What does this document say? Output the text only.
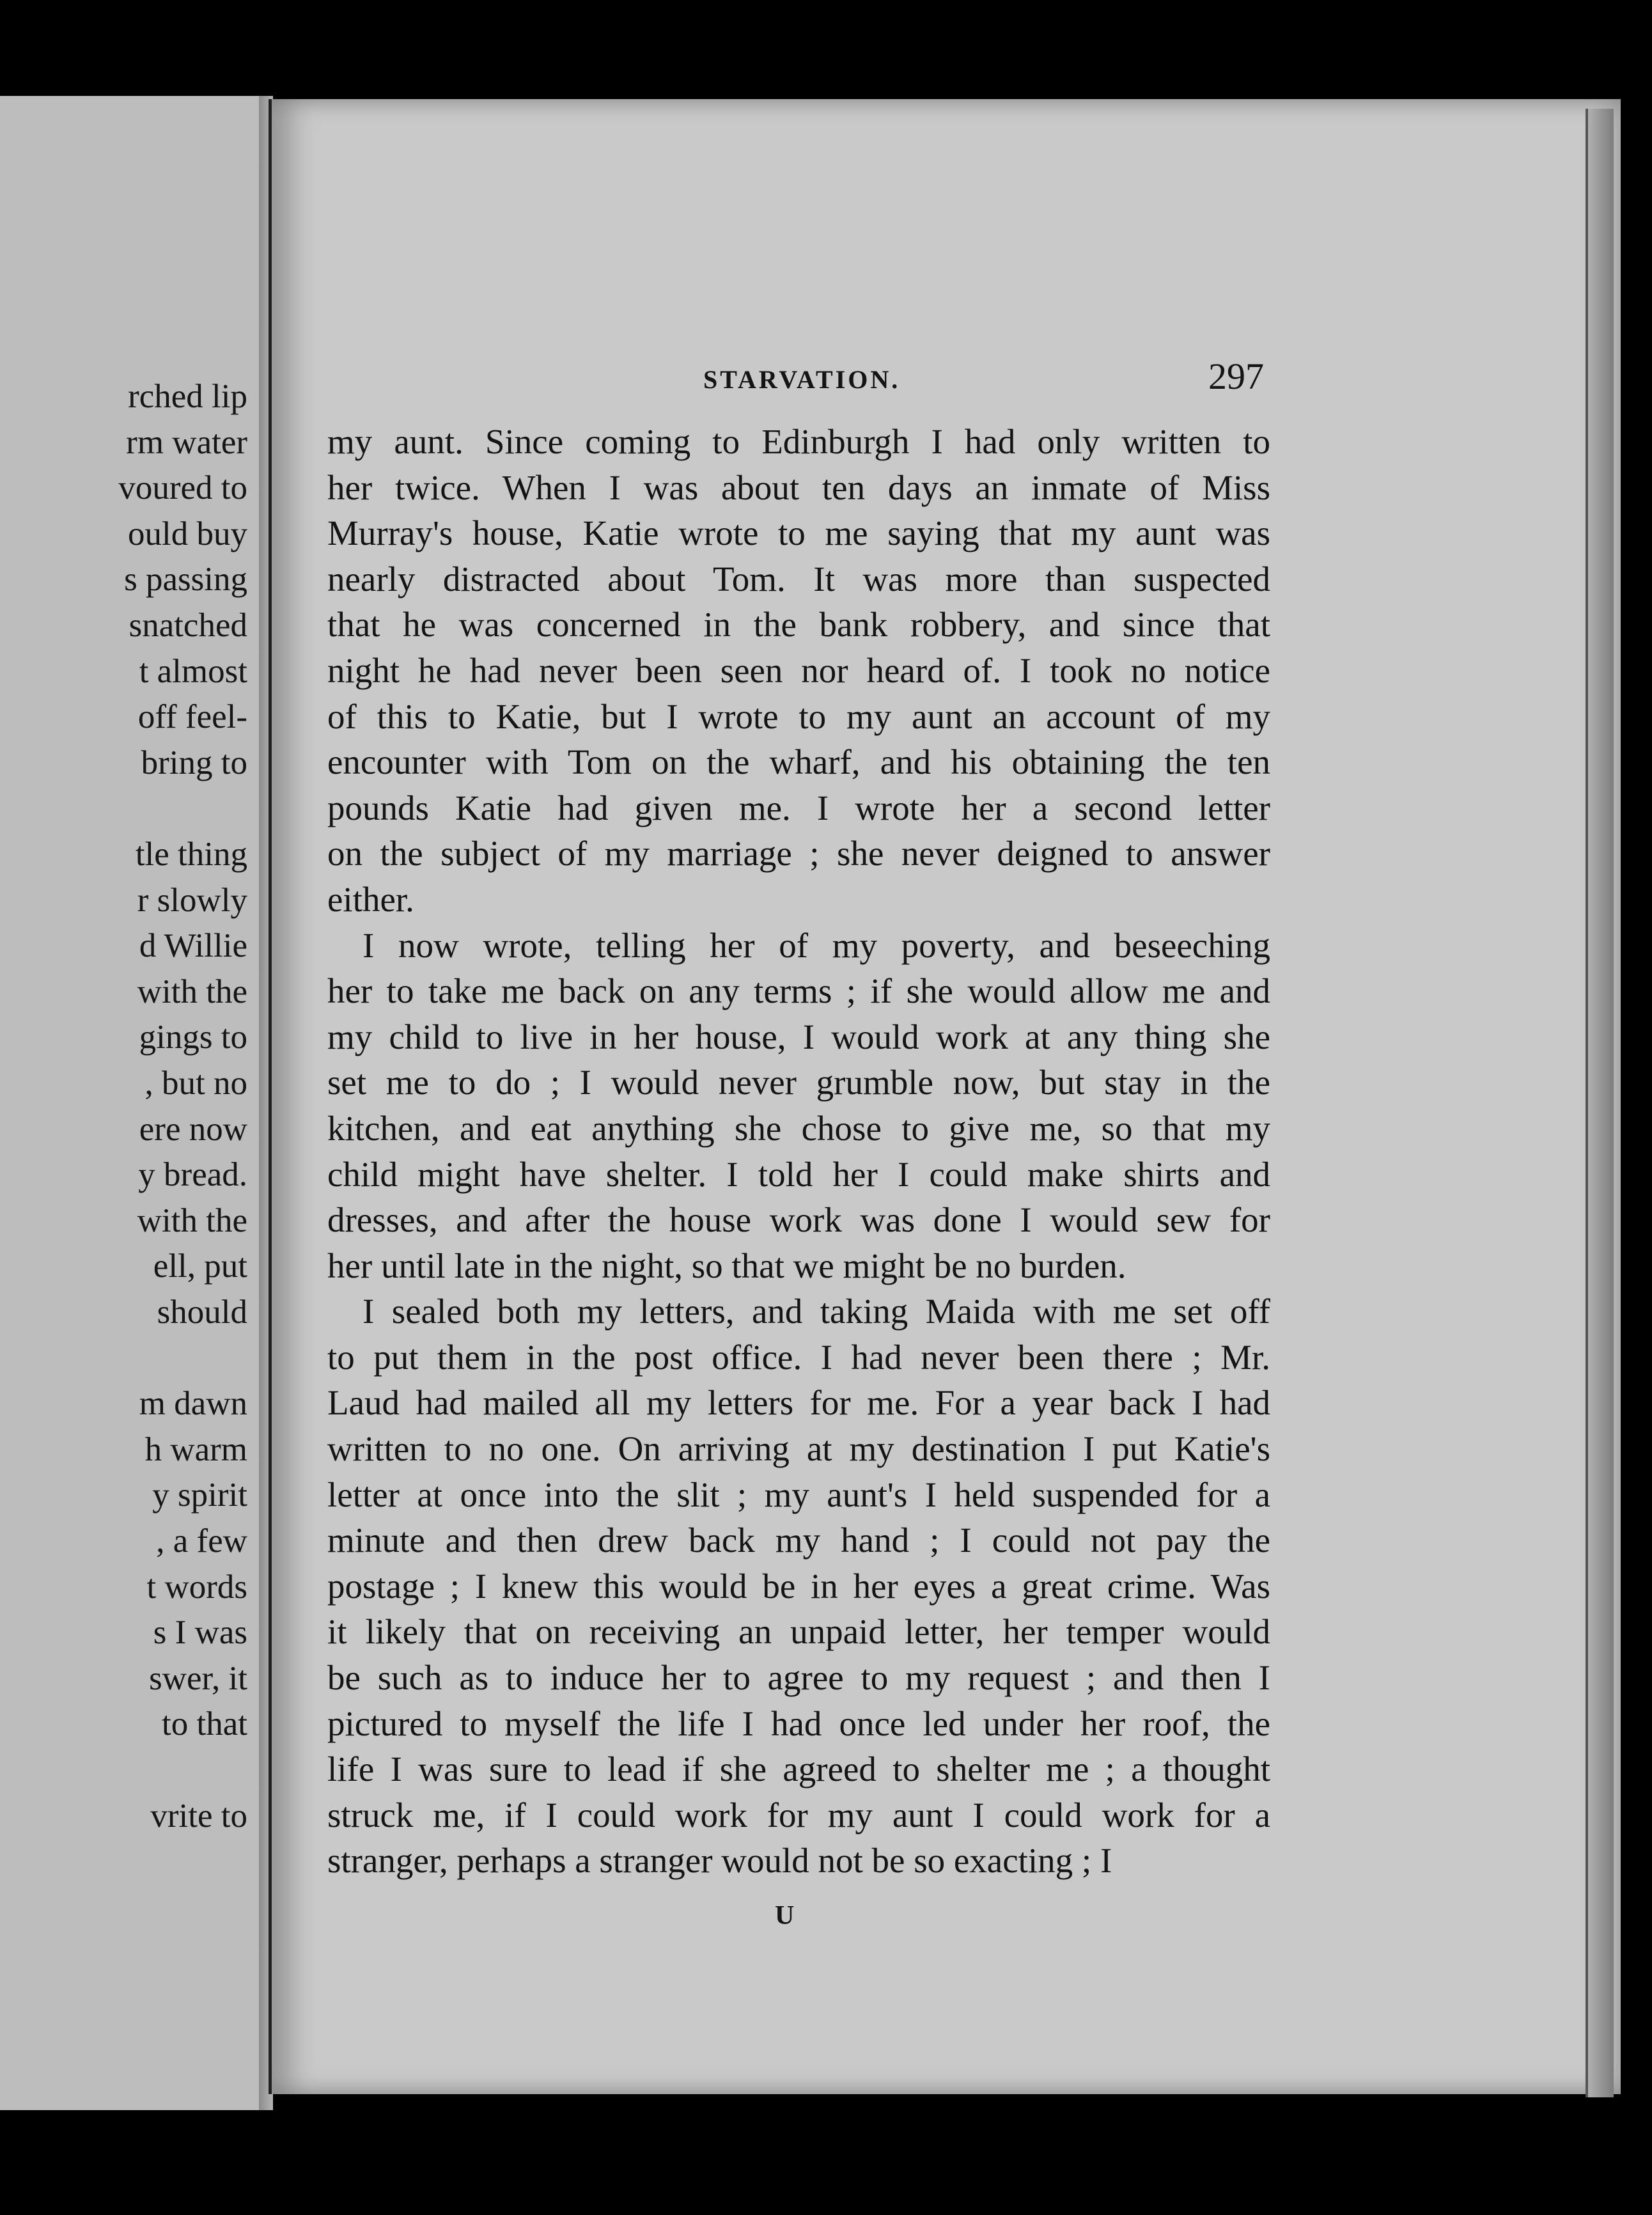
rched lip
rm water
voured to
ould buy
s passing
snatched
t almost
off feel-
bring to
tle thing
r slowly
d Willie
with the
gings to
, but no
ere now
y bread.
with the
ell, put
should
m dawn
h warm
y spirit
, a few
t words
s I was
swer, it
to that
vrite to
STARVATION.	297
my aunt. Since coming to Edinburgh I had only written to
her twice. When I was about ten days an inmate of Miss
Murray's house, Katie wrote to me saying that my aunt was
nearly distracted about Tom. It was more than suspected
that he was concerned in the bank robbery, and since that
night he had never been seen nor heard of. I took no notice
of this to Katie, but I wrote to my aunt an account of my
encounter with Tom on the wharf, and his obtaining the ten
pounds Katie had given me. I wrote her a second letter
on the subject of my marriage ; she never deigned to answer
either.
I now wrote, telling her of my poverty, and beseeching
her to take me back on any terms ; if she would allow me and
my child to live in her house, I would work at any thing she
set me to do ; I would never grumble now, but stay in the
kitchen, and eat anything she chose to give me, so that my
child might have shelter. I told her I could make shirts and
dresses, and after the house work was done I would sew for
her until late in the night, so that we might be no burden.
I sealed both my letters, and taking Maida with me set off
to put them in the post office. I had never been there ; Mr.
Laud had mailed all my letters for me. For a year back I had
written to no one. On arriving at my destination I put Katie's
letter at once into the slit ; my aunt's I held suspended for a
minute and then drew back my hand ; I could not pay the
postage ; I knew this would be in her eyes a great crime. Was
it likely that on receiving an unpaid letter, her temper would
be such as to induce her to agree to my request ; and then I
pictured to myself the life I had once led under her roof, the
life I was sure to lead if she agreed to shelter me ; a thought
struck me, if I could work for my aunt I could work for a
stranger, perhaps a stranger would not be so exacting ; I
U
